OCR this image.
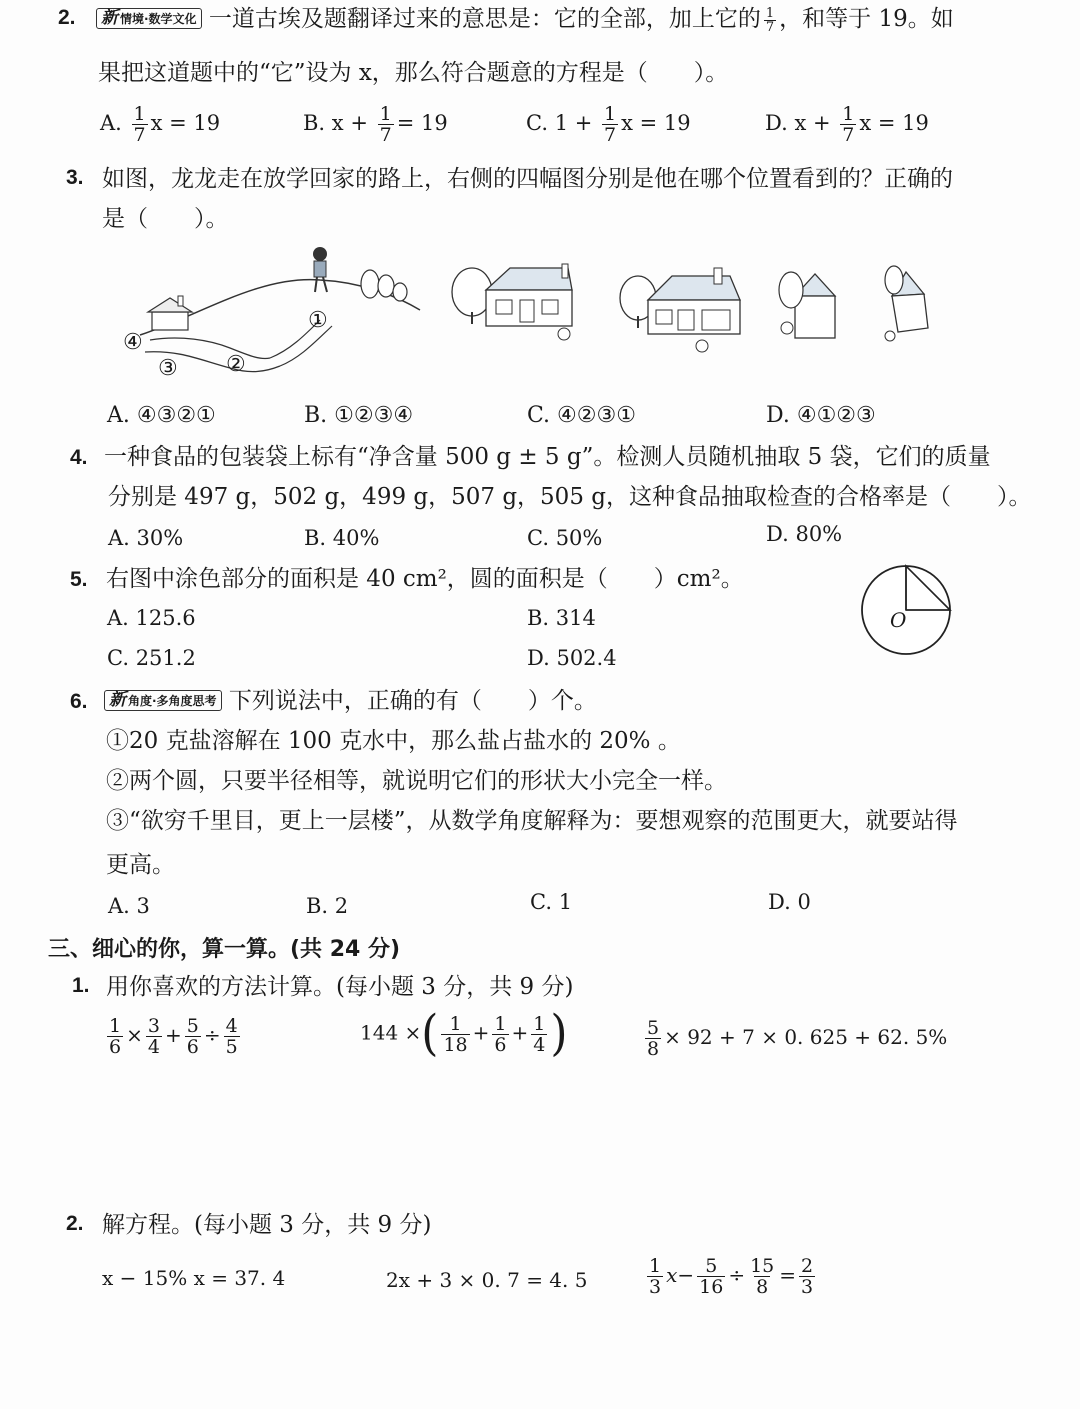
2. 新 情境·数学文化 一道古埃及题翻译过来的意思是：它的全部，加上它的 $\frac{1}{7}$ ，和等于 19。如
果把这道题中的“它”设为 x，那么符合题意的方程是（　　）。
A. $\frac{1}{7}$ x = 19	B. $x + \frac{1}{7} = 19$	C. $1 + \frac{1}{7}$ x = 19	D. $x + \frac{1}{7}$ x = 19
3. 如图，龙龙走在放学回家的路上，右侧的四幅图分别是他在哪个位置看到的？正确的
是（　　）。
④
③ ②
①
A. ④③②①	B. ①②③④	C. ④②③①	D. ④①②③
4. 一种食品的包装袋上标有“净含量 500 g ± 5 g”。检测人员随机抽取 5 袋，它们的质量
分别是 497 g，502 g，499 g，507 g，505 g，这种食品抽取检查的合格率是（　　）。
A. 30%	B. 40%	C. 50%	D. 80%
5. 右图中涂色部分的面积是 40 cm²，圆的面积是（　　）cm²。
A. 125.6	B. 314
C. 251.2	D. 502.4
O
6. 新 角度·多角度思考 下列说法中，正确的有（　　）个。
①20 克盐溶解在 100 克水中，那么盐占盐水的 20% 。
②两个圆，只要半径相等，就说明它们的形状大小完全一样。
③“欲穷千里目，更上一层楼”，从数学角度解释为：要想观察的范围更大，就要站得
更高。
A. 3	B. 2	C. 1	D. 0
三、细心的你，算一算。(共 24 分)
1. 用你喜欢的方法计算。(每小题 3 分，共 9 分)
$\frac{1}{6} \times \frac{3}{4} + \frac{5}{6} \div \frac{4}{5}$	144 ×( $\frac{1}{18} + \frac{1}{6} + \frac{1}{4}$ )	$\frac{5}{8} \times 92 + 7 \times 0$. 625 + 62. 5%
2. 解方程。(每小题 3 分，共 9 分)
x − 15% x = 37. 4	2x + 3 × 0. 7 = 4. 5	$\frac{1}{3} x- \frac{5}{16} \div \frac{15}{8} = \frac{2}{3}$
